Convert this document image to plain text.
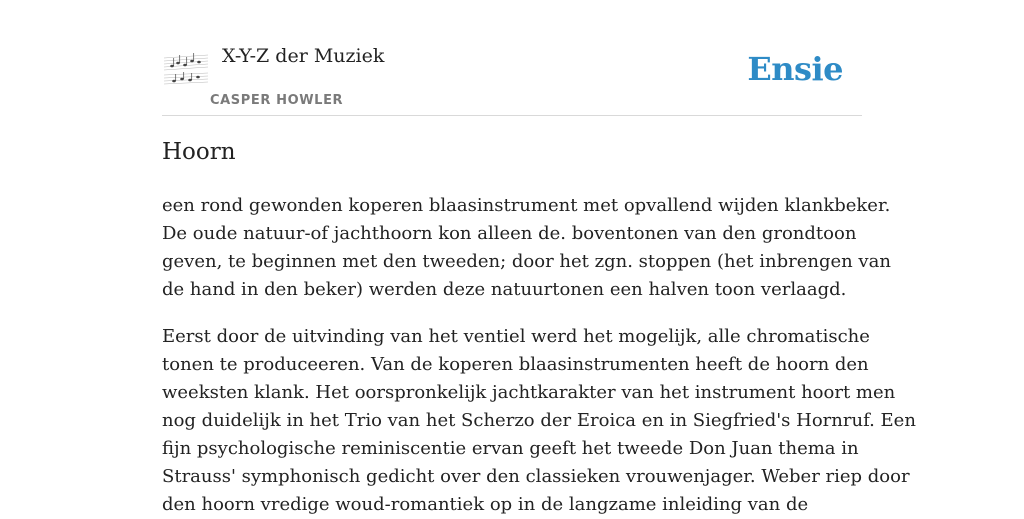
X-Y-Z der Muziek
CASPER HOWLER
Ensie
Hoorn

een rond gewonden koperen blaasinstrument met opvallend wijden klankbeker.
De oude natuur-of jachthoorn kon alleen de. boventonen van den grondtoon
geven, te beginnen met den tweeden; door het zgn. stoppen (het inbrengen van
de hand in den beker) werden deze natuurtonen een halven toon verlaagd.

Eerst door de uitvinding van het ventiel werd het mogelijk, alle chromatische
tonen te produceeren. Van de koperen blaasinstrumenten heeft de hoorn den
weeksten klank. Het oorspronkelijk jachtkarakter van het instrument hoort men
nog duidelijk in het Trio van het Scherzo der Eroica en in Siegfried's Hornruf. Een
fijn psychologische reminiscentie ervan geeft het tweede Don Juan thema in
Strauss' symphonisch gedicht over den classieken vrouwenjager. Weber riep door
den hoorn vredige woud-romantiek op in de langzame inleiding van de
